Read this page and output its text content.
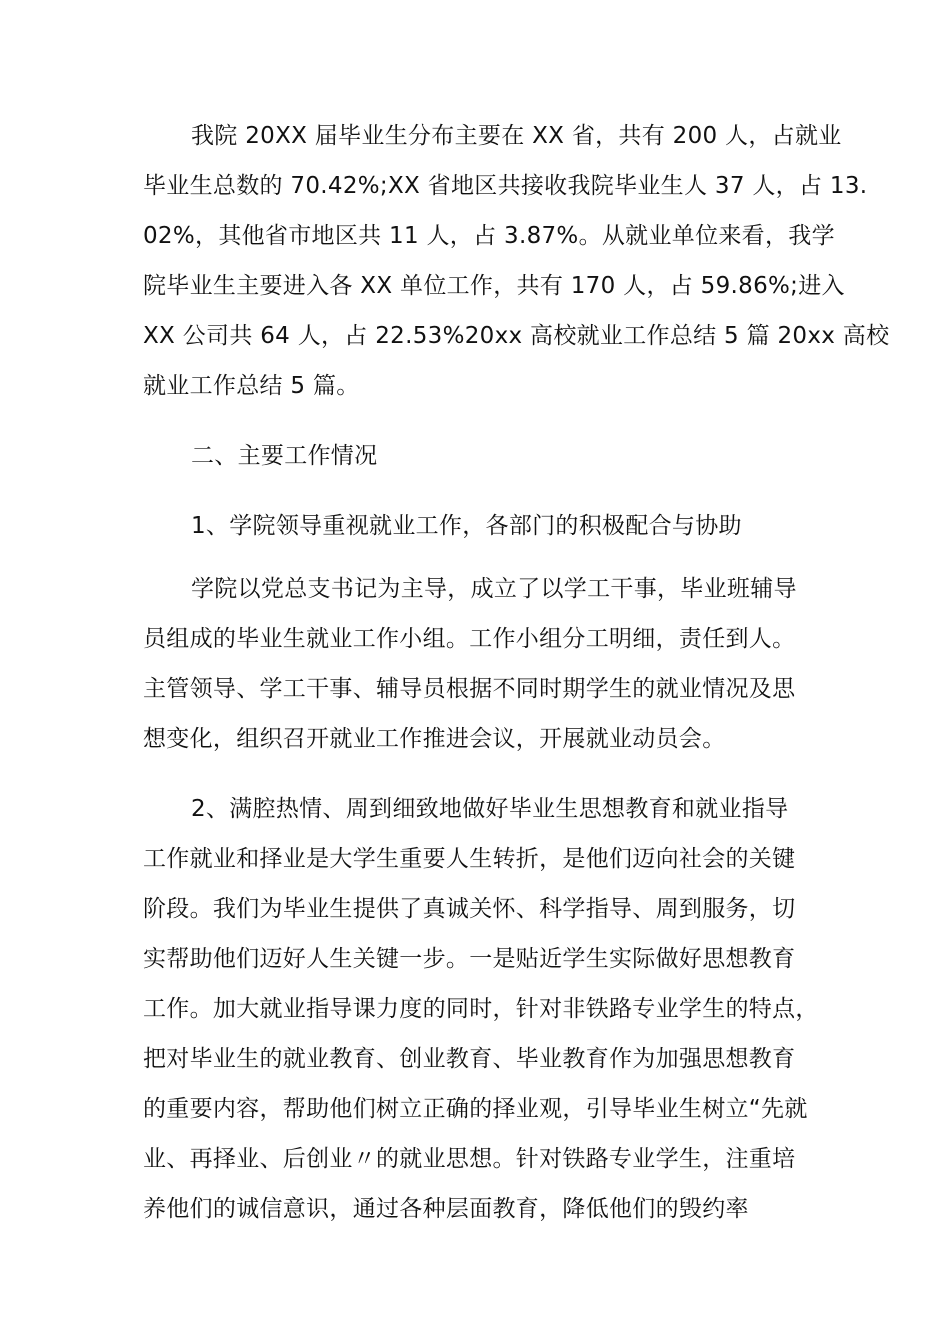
我院 20XX 届毕业生分布主要在 XX 省，共有 200 人，占就业
毕业生总数的 70.42%;XX 省地区共接收我院毕业生人 37 人，占 13.
02%，其他省市地区共 11 人，占 3.87%。从就业单位来看，我学
院毕业生主要进入各 XX 单位工作，共有 170 人，占 59.86%;进入
XX 公司共 64 人，占 22.53%20xx 高校就业工作总结 5 篇 20xx 高校
就业工作总结 5 篇。
二、主要工作情况
1、学院领导重视就业工作，各部门的积极配合与协助
学院以党总支书记为主导，成立了以学工干事，毕业班辅导
员组成的毕业生就业工作小组。工作小组分工明细，责任到人。
主管领导、学工干事、辅导员根据不同时期学生的就业情况及思
想变化，组织召开就业工作推进会议，开展就业动员会。
2、满腔热情、周到细致地做好毕业生思想教育和就业指导
工作就业和择业是大学生重要人生转折，是他们迈向社会的关键
阶段。我们为毕业生提供了真诚关怀、科学指导、周到服务，切
实帮助他们迈好人生关键一步。一是贴近学生实际做好思想教育
工作。加大就业指导课力度的同时，针对非铁路专业学生的特点，
把对毕业生的就业教育、创业教育、毕业教育作为加强思想教育
的重要内容，帮助他们树立正确的择业观，引导毕业生树立“先就
业、再择业、后创业〃的就业思想。针对铁路专业学生，注重培
养他们的诚信意识，通过各种层面教育，降低他们的毁约率
